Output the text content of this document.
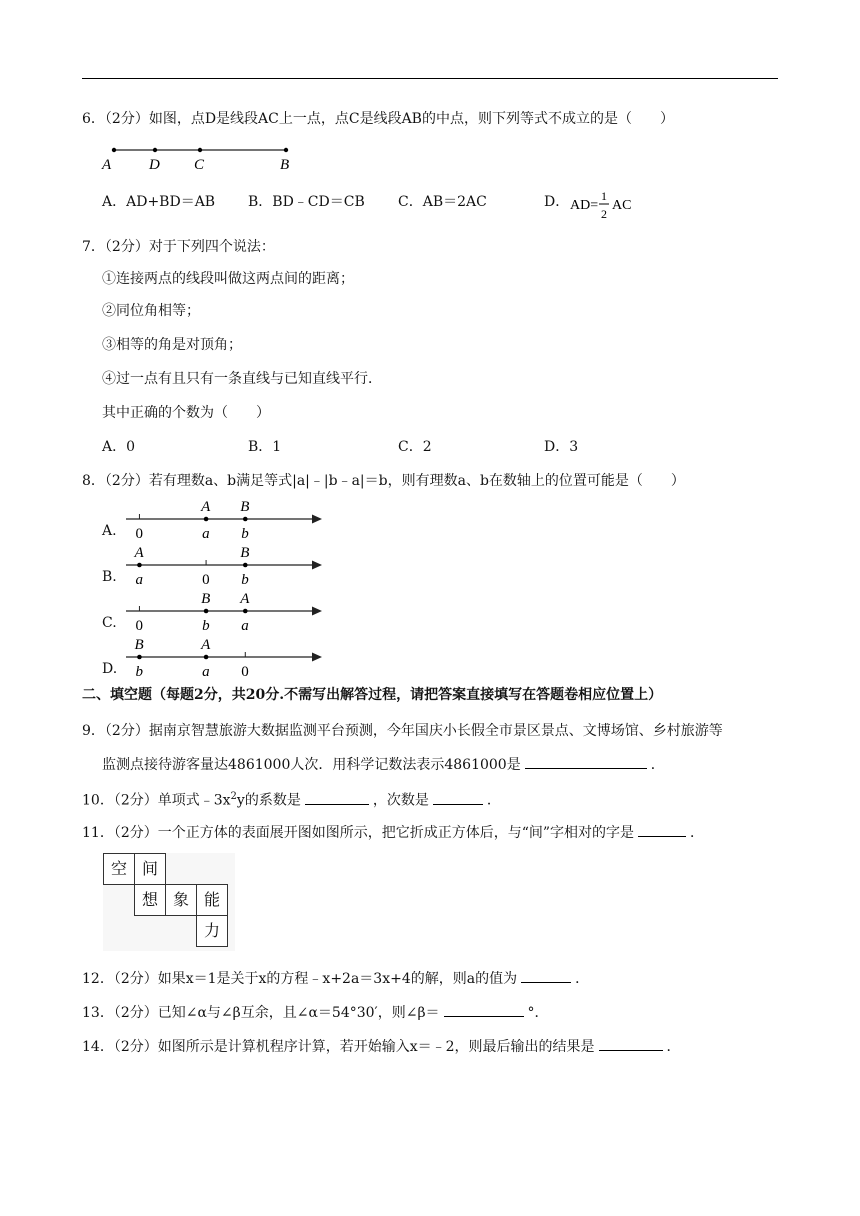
6．（2分）如图，点D是线段AC上一点，点C是线段AB的中点，则下列等式不成立的是（　　）
A	D C	B
A．AD+BD＝AB B．BD﹣CD＝CB C．AB＝2AC	D． AD=
1
2
AC
7．（2分）对于下列四个说法：
①连接两点的线段叫做这两点间的距离；
②同位角相等；
③相等的角是对顶角；
④过一点有且只有一条直线与已知直线平行．
其中正确的个数为（　　）
A．0	B．1	C．2	D．3
8．（2分）若有理数a、b满足等式|a|﹣|b﹣a|＝b，则有理数a、b在数轴上的位置可能是（　　）
A. 0
A
a
B
b
B.
A
a	0
B
b
C. 0
B
b
A
a
D.
B
b
A
a 0
二、填空题（每题2分，共20分.不需写出解答过程，请把答案直接填写在答题卷相应位置上）
9．（2分）据南京智慧旅游大数据监测平台预测，今年国庆小长假全市景区景点、文博场馆、乡村旅游等
监测点接待游客量达4861000人次．用科学记数法表示4861000是	．
10．（2分）单项式$﹣3x^2y$的系数是	，次数是	．
11．（2分）一个正方体的表面展开图如图所示，把它折成正方体后，与“间”字相对的字是	．
空 间
想 象 能
力
12．（2分）如果x＝1是关于x的方程﹣x+2a＝3x+4的解，则a的值为	．
13．（2分）已知∠α与∠β互余，且∠α＝54°30′，则∠β＝	°．
14．（2分）如图所示是计算机程序计算，若开始输入x＝﹣2，则最后输出的结果是	．
